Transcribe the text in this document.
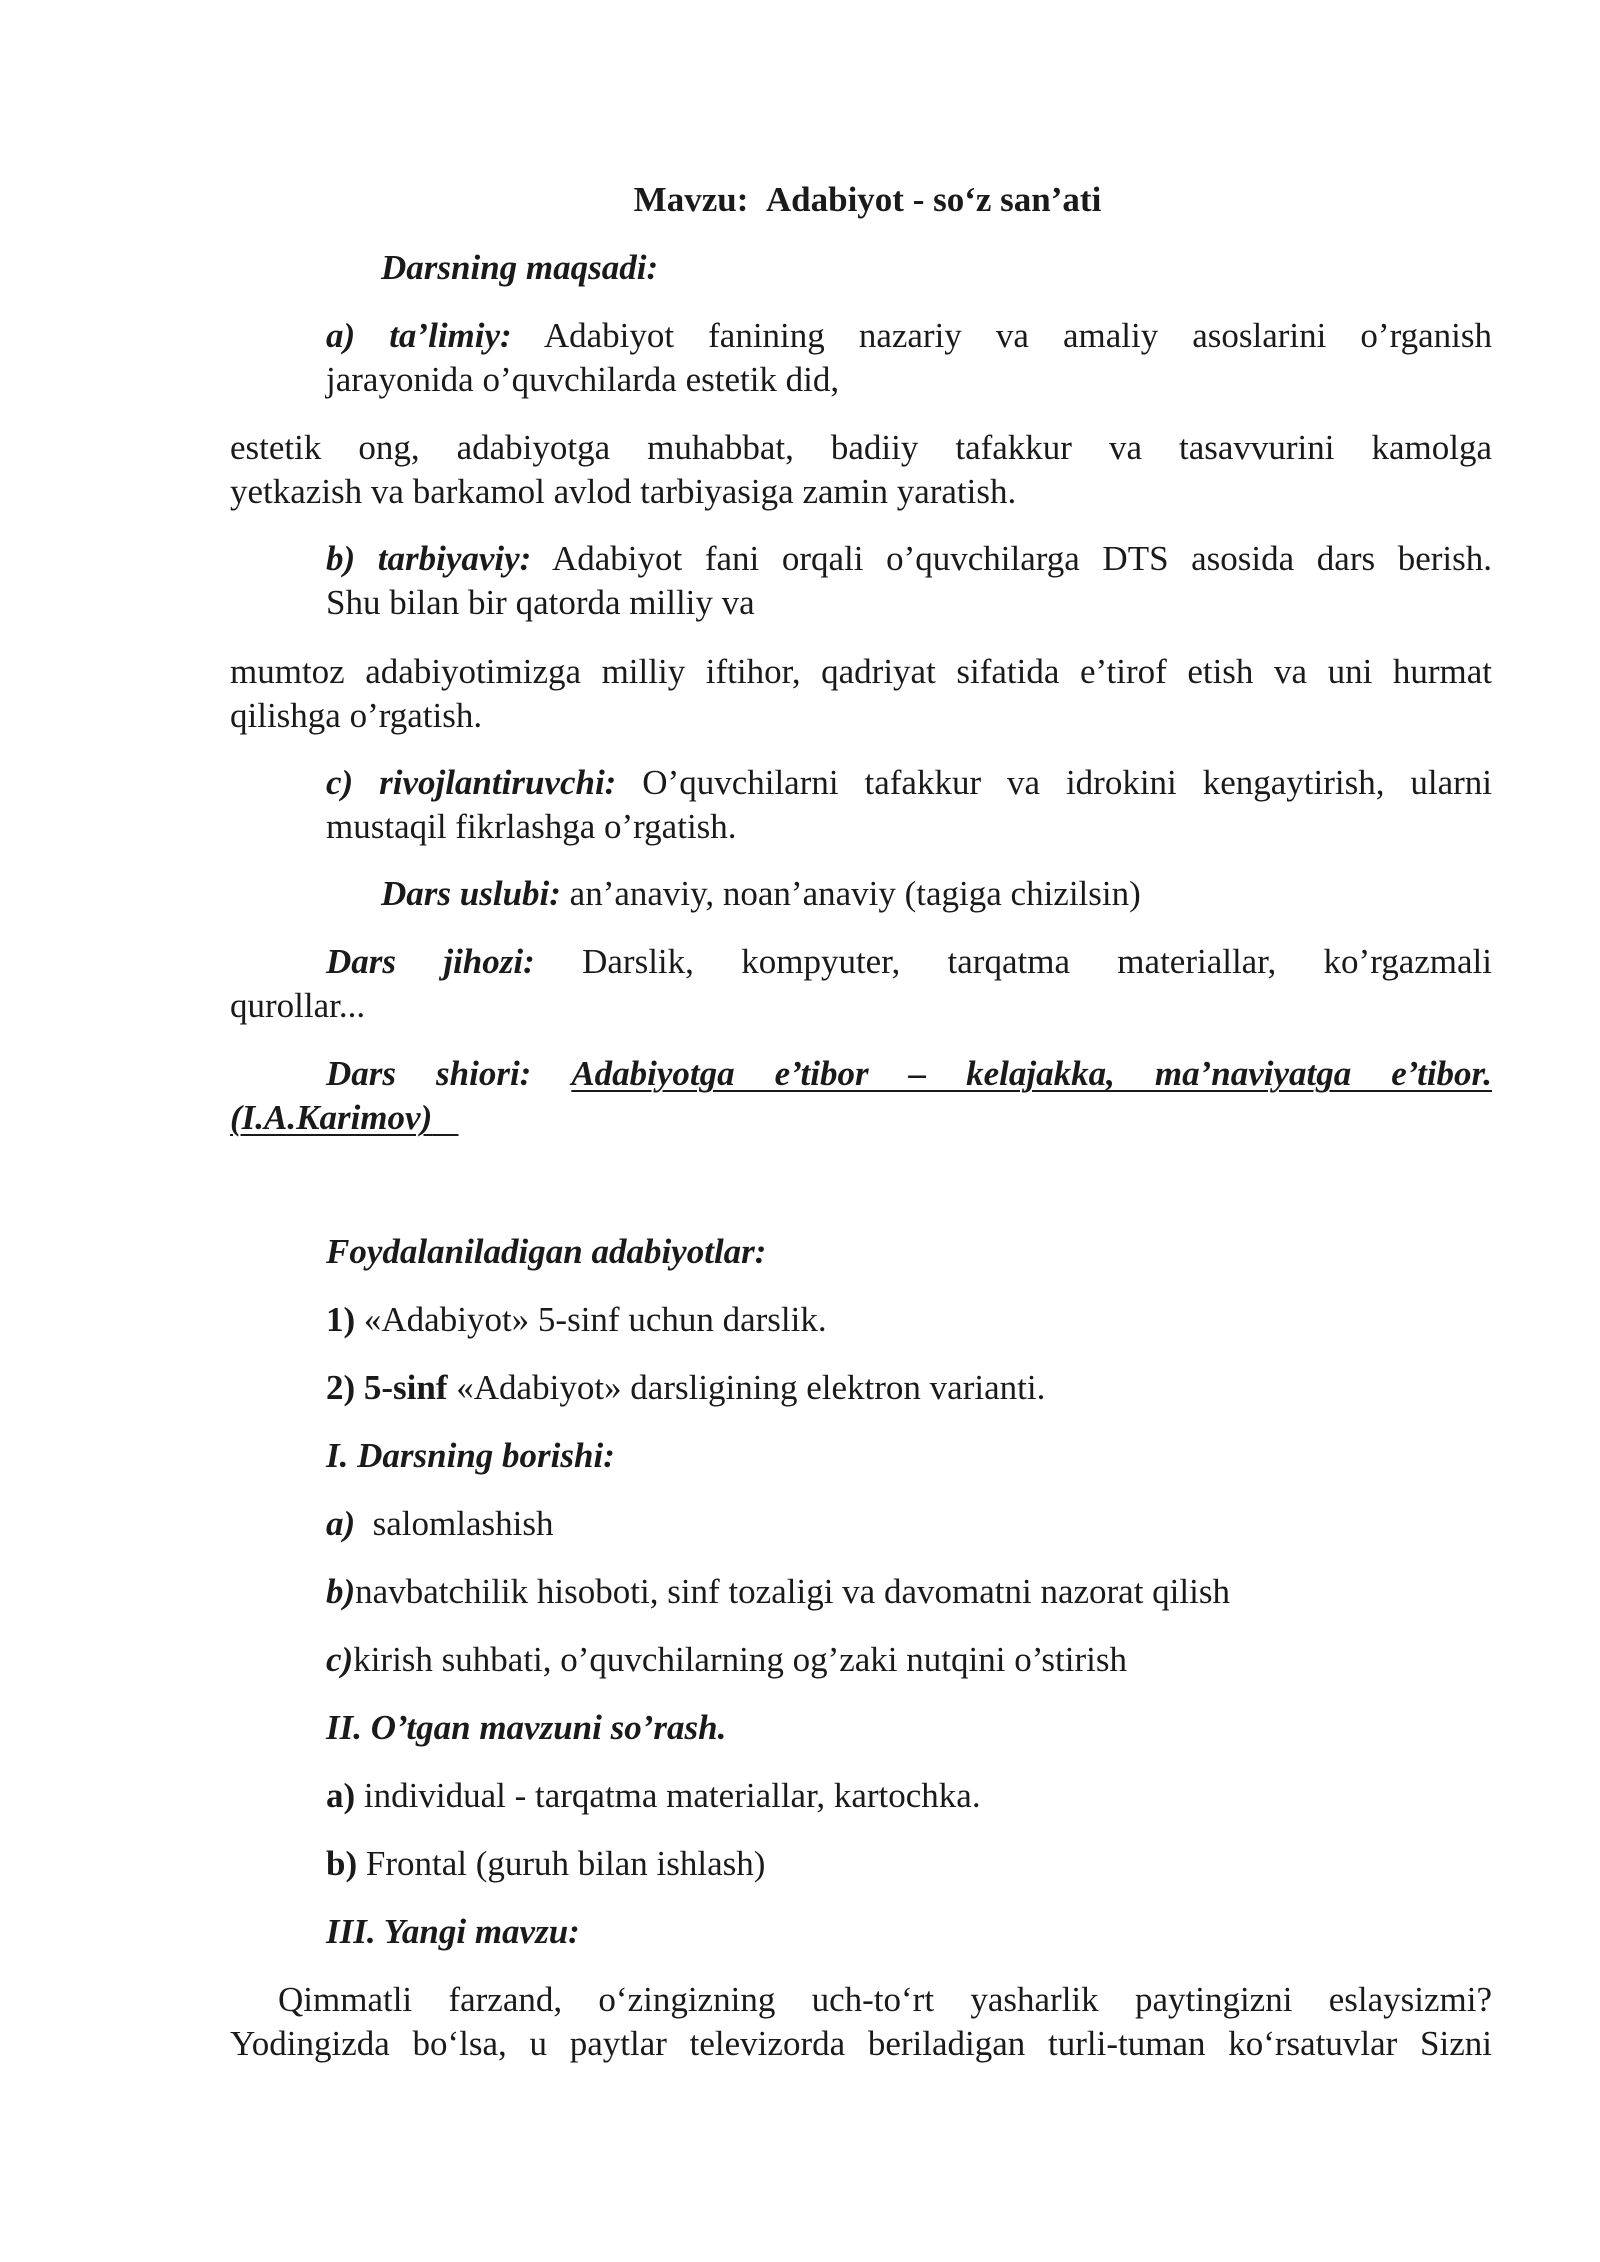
Mavzu: Adabiyot - so‘z san’ati
Darsning maqsadi:
a) ta’limiy: Adabiyot fanining nazariy va amaliy asoslarini o’rganish
jarayonida o’quvchilarda estetik did,
estetik ong, adabiyotga muhabbat, badiiy tafakkur va tasavvurini kamolga
yetkazish va barkamol avlod tarbiyasiga zamin yaratish.
b) tarbiyaviy: Adabiyot fani orqali o’quvchilarga DTS asosida dars berish.
Shu bilan bir qatorda milliy va
mumtoz adabiyotimizga milliy iftihor, qadriyat sifatida e’tirof etish va uni hurmat
qilishga o’rgatish.
c) rivojlantiruvchi: O’quvchilarni tafakkur va idrokini kengaytirish, ularni
mustaqil fikrlashga o’rgatish.
Dars uslubi: an’anaviy, noan’anaviy (tagiga chizilsin)
Dars jihozi: Darslik, kompyuter, tarqatma materiallar, ko’rgazmali
qurollar...
Dars shiori: Adabiyotga e’tibor – kelajakka, ma’naviyatga e’tibor.
(I.A.Karimov)
Foydalaniladigan adabiyotlar:
1) «Adabiyot» 5-sinf uchun darslik.
2) 5-sinf «Adabiyot» darsligining elektron varianti.
I. Darsning borishi:
a) salomlashish
b)navbatchilik hisoboti, sinf tozaligi va davomatni nazorat qilish
c)kirish suhbati, o’quvchilarning og’zaki nutqini o’stirish
II. O’tgan mavzuni so’rash.
a) individual - tarqatma materiallar, kartochka.
b) Frontal (guruh bilan ishlash)
III. Yangi mavzu:
Qimmatli farzand, o‘zingizning uch-to‘rt yasharlik paytingizni eslaysizmi?
Yodingizda bo‘lsa, u paytlar televizorda beriladigan turli-tuman ko‘rsatuvlar Sizni
